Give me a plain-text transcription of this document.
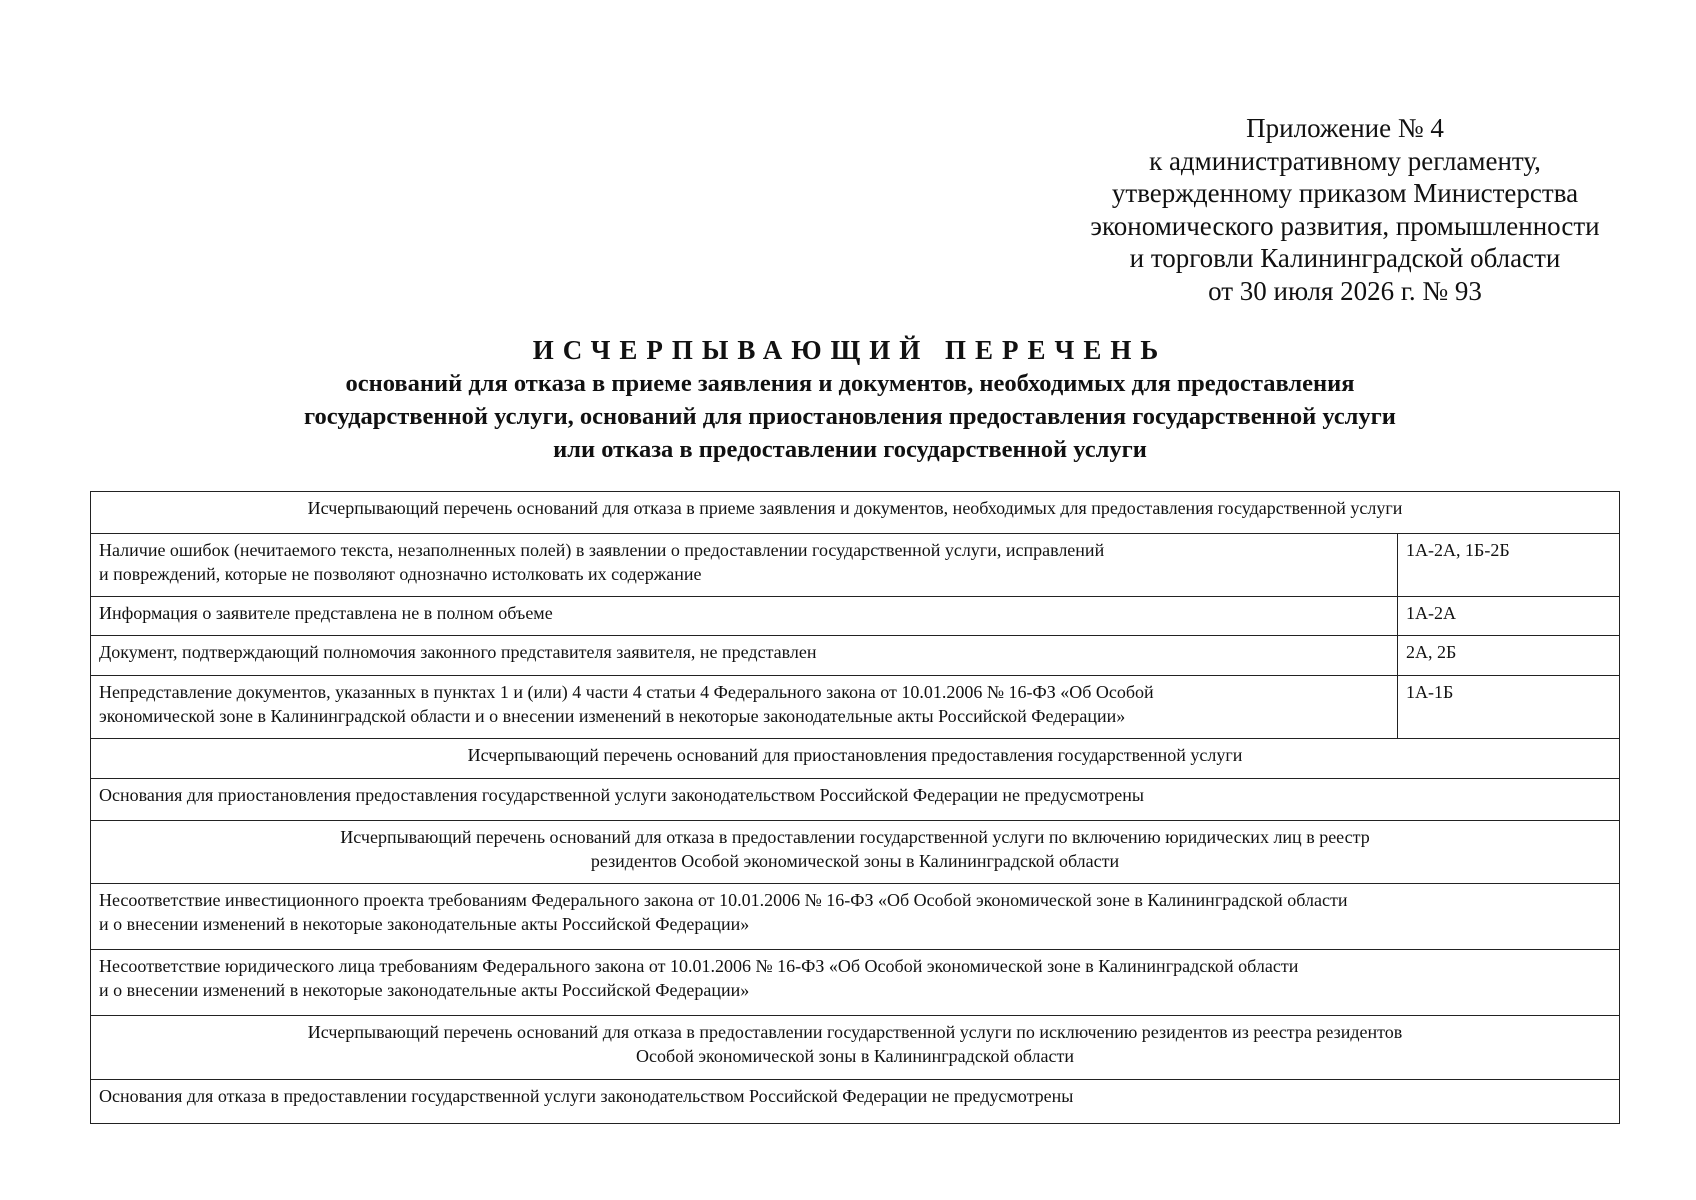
Приложение № 4
к административному регламенту,
утвержденному приказом Министерства
экономического развития, промышленности
и торговли Калининградской области
от 30 июля 2026 г. № 93
ИСЧЕРПЫВАЮЩИЙ ПЕРЕЧЕНЬ
оснований для отказа в приеме заявления и документов, необходимых для предоставления
государственной услуги, оснований для приостановления предоставления государственной услуги
или отказа в предоставлении государственной услуги
Исчерпывающий перечень оснований для отказа в приеме заявления и документов, необходимых для предоставления государственной услуги	

Наличие ошибок (нечитаемого текста, незаполненных полей) в заявлении о предоставлении государственной услуги, исправлений
и повреждений, которые не позволяют однозначно истолковать их содержание	1А-2А, 1Б-2Б

Информация о заявителе представлена не в полном объеме	1А-2А

Документ, подтверждающий полномочия законного представителя заявителя, не представлен	2А, 2Б

Непредставление документов, указанных в пунктах 1 и (или) 4 части 4 статьи 4 Федерального закона от 10.01.2006 № 16-ФЗ «Об Особой
экономической зоне в Калининградской области и о внесении изменений в некоторые законодательные акты Российской Федерации»	1А-1Б

Исчерпывающий перечень оснований для приостановления предоставления государственной услуги	

Основания для приостановления предоставления государственной услуги законодательством Российской Федерации не предусмотрены	

Исчерпывающий перечень оснований для отказа в предоставлении государственной услуги по включению юридических лиц в реестр
резидентов Особой экономической зоны в Калининградской области	

Несоответствие инвестиционного проекта требованиям Федерального закона от 10.01.2006 № 16-ФЗ «Об Особой экономической зоне в Калининградской области
и о внесении изменений в некоторые законодательные акты Российской Федерации»	

Несоответствие юридического лица требованиям Федерального закона от 10.01.2006 № 16-ФЗ «Об Особой экономической зоне в Калининградской области
и о внесении изменений в некоторые законодательные акты Российской Федерации»	

Исчерпывающий перечень оснований для отказа в предоставлении государственной услуги по исключению резидентов из реестра резидентов
Особой экономической зоны в Калининградской области	

Основания для отказа в предоставлении государственной услуги законодательством Российской Федерации не предусмотрены	
